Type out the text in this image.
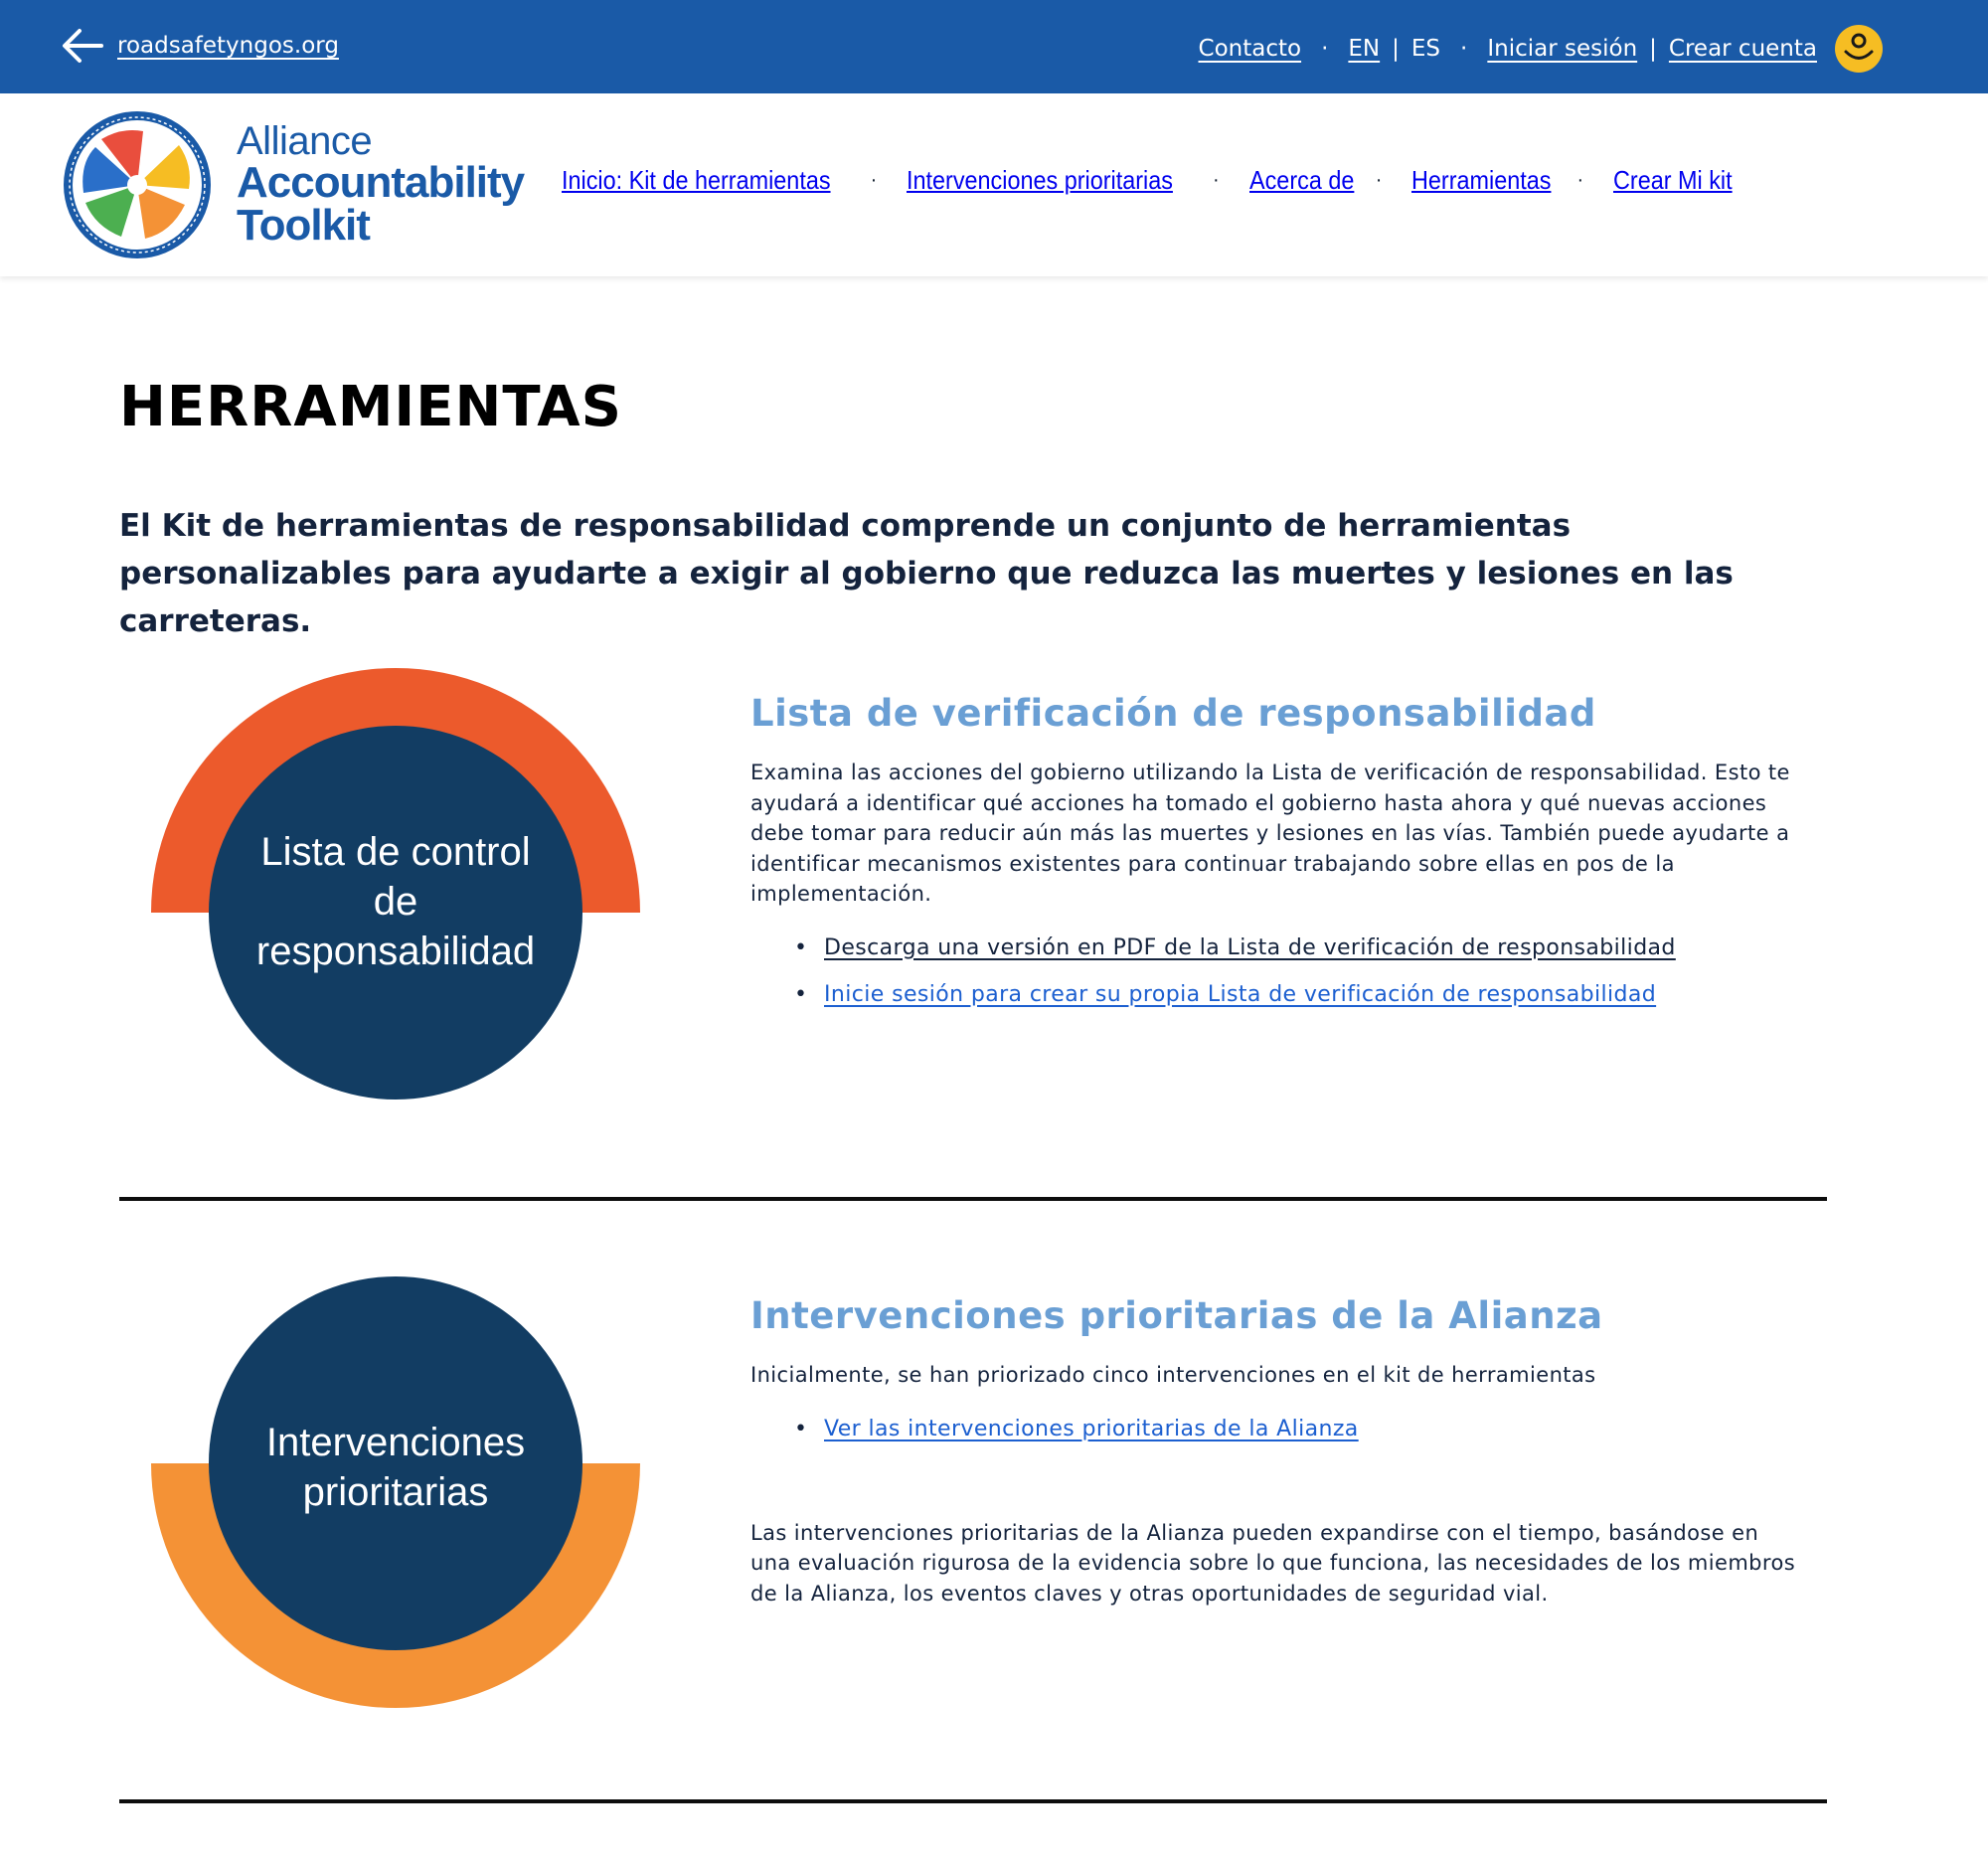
roadsafetyngos.org	Contacto · EN | ES · Iniciar sesión | Crear cuenta
Alliance
Accountability
Toolkit
Inicio: Kit de herramientas · Intervenciones prioritarias · Acerca de · Herramientas · Crear Mi kit
HERRAMIENTAS

El Kit de herramientas de responsabilidad comprende un conjunto de herramientas personalizables para ayudarte a exigir al gobierno que reduzca las muertes y lesiones en las carreteras.

Lista de control
de
responsabilidad
Lista de verificación de responsabilidad

Examina las acciones del gobierno utilizando la Lista de verificación de responsabilidad. Esto te ayudará a identificar qué acciones ha tomado el gobierno hasta ahora y qué nuevas acciones debe tomar para reducir aún más las muertes y lesiones en las vías. También puede ayudarte a identificar mecanismos existentes para continuar trabajando sobre ellas en pos de la implementación.

• Descarga una versión en PDF de la Lista de verificación de responsabilidad
• Inicie sesión para crear su propia Lista de verificación de responsabilidad
Intervenciones
prioritarias
Intervenciones prioritarias de la Alianza

Inicialmente, se han priorizado cinco intervenciones en el kit de herramientas

• Ver las intervenciones prioritarias de la Alianza

Las intervenciones prioritarias de la Alianza pueden expandirse con el tiempo, basándose en una evaluación rigurosa de la evidencia sobre lo que funciona, las necesidades de los miembros de la Alianza, los eventos claves y otras oportunidades de seguridad vial.
